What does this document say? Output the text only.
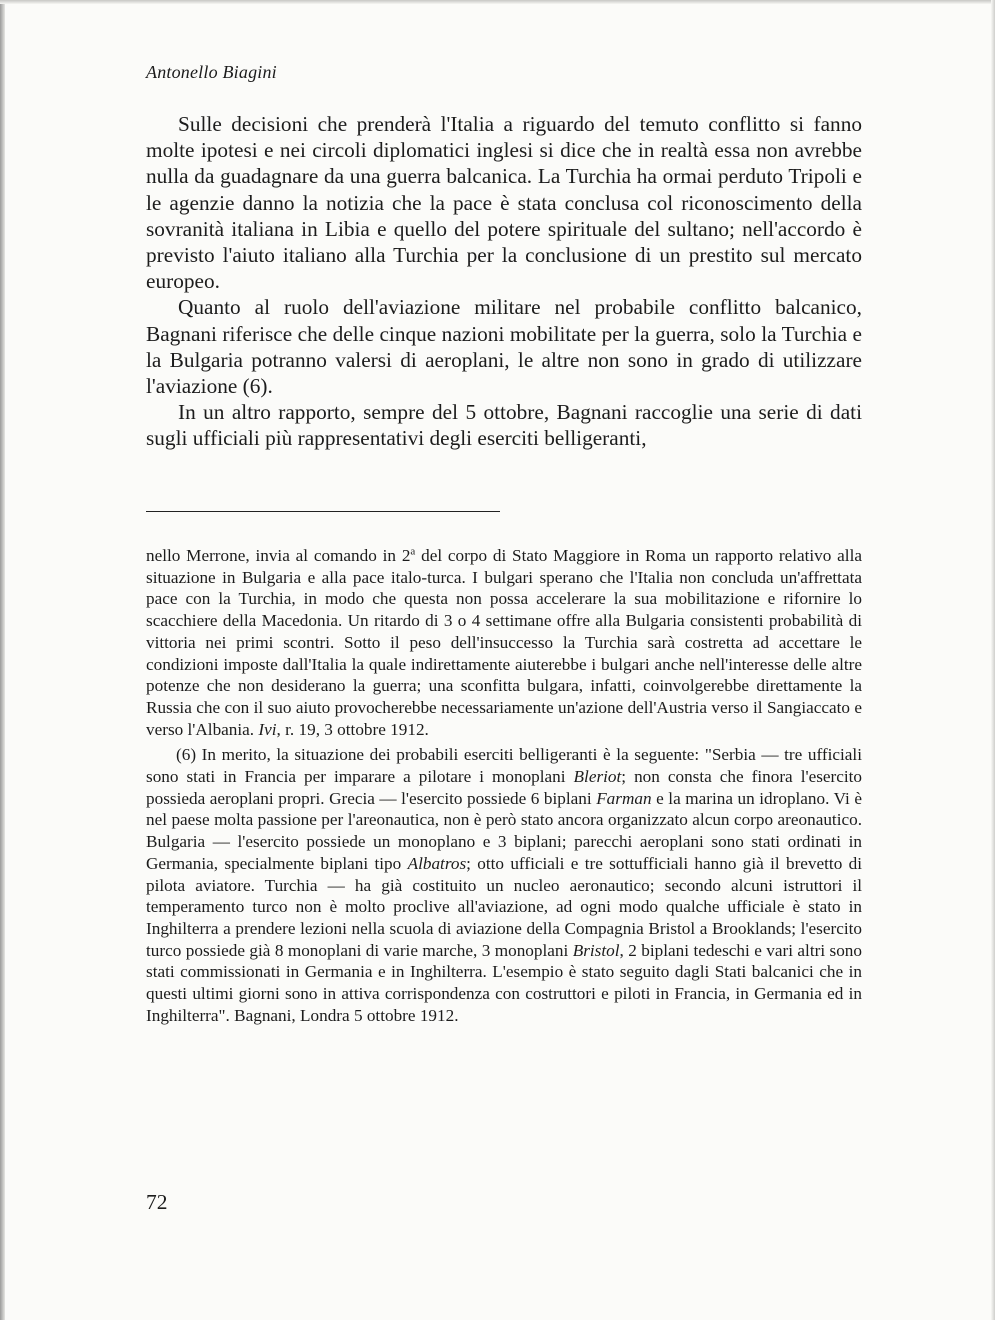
Antonello Biagini

Sulle decisioni che prenderà l'Italia a riguardo del temuto conflitto si fanno molte ipotesi e nei circoli diplomatici inglesi si dice che in realtà essa non avrebbe nulla da guadagnare da una guerra balcanica. La Turchia ha ormai perduto Tripoli e le agenzie danno la notizia che la pace è stata conclusa col riconoscimento della sovranità italiana in Libia e quello del potere spirituale del sultano; nell'accordo è previsto l'aiuto italiano alla Turchia per la conclusione di un prestito sul mercato europeo.

Quanto al ruolo dell'aviazione militare nel probabile conflitto balcanico, Bagnani riferisce che delle cinque nazioni mobilitate per la guerra, solo la Turchia e la Bulgaria potranno valersi di aeroplani, le altre non sono in grado di utilizzare l'aviazione (6).

In un altro rapporto, sempre del 5 ottobre, Bagnani raccoglie una serie di dati sugli ufficiali più rappresentativi degli eserciti belligeranti,

nello Merrone, invia al comando in 2$^a$ del corpo di Stato Maggiore in Roma un rapporto relativo alla situazione in Bulgaria e alla pace italo-turca. I bulgari sperano che l'Italia non concluda un'affrettata pace con la Turchia, in modo che questa non possa accelerare la sua mobilitazione e rifornire lo scacchiere della Macedonia. Un ritardo di 3 o 4 settimane offre alla Bulgaria consistenti probabilità di vittoria nei primi scontri. Sotto il peso dell'insuccesso la Turchia sarà costretta ad accettare le condizioni imposte dall'Italia la quale indirettamente aiuterebbe i bulgari anche nell'interesse delle altre potenze che non desiderano la guerra; una sconfitta bulgara, infatti, coinvolgerebbe direttamente la Russia che con il suo aiuto provocherebbe necessariamente un'azione dell'Austria verso il Sangiaccato e verso l'Albania. Ivi, r. 19, 3 ottobre 1912.

(6) In merito, la situazione dei probabili eserciti belligeranti è la seguente: "Serbia — tre ufficiali sono stati in Francia per imparare a pilotare i monoplani Bleriot; non consta che finora l'esercito possieda aeroplani propri. Grecia — l'esercito possiede 6 biplani Farman e la marina un idroplano. Vi è nel paese molta passione per l'areonautica, non è però stato ancora organizzato alcun corpo areonautico. Bulgaria — l'esercito possiede un monoplano e 3 biplani; parecchi aeroplani sono stati ordinati in Germania, specialmente biplani tipo Albatros; otto ufficiali e tre sottufficiali hanno già il brevetto di pilota aviatore. Turchia — ha già costituito un nucleo aeronautico; secondo alcuni istruttori il temperamento turco non è molto proclive all'aviazione, ad ogni modo qualche ufficiale è stato in Inghilterra a prendere lezioni nella scuola di aviazione della Compagnia Bristol a Brooklands; l'esercito turco possiede già 8 monoplani di varie marche, 3 monoplani Bristol, 2 biplani tedeschi e vari altri sono stati commissionati in Germania e in Inghilterra. L'esempio è stato seguito dagli Stati balcanici che in questi ultimi giorni sono in attiva corrispondenza con costruttori e piloti in Francia, in Germania ed in Inghilterra". Bagnani, Londra 5 ottobre 1912.

72
